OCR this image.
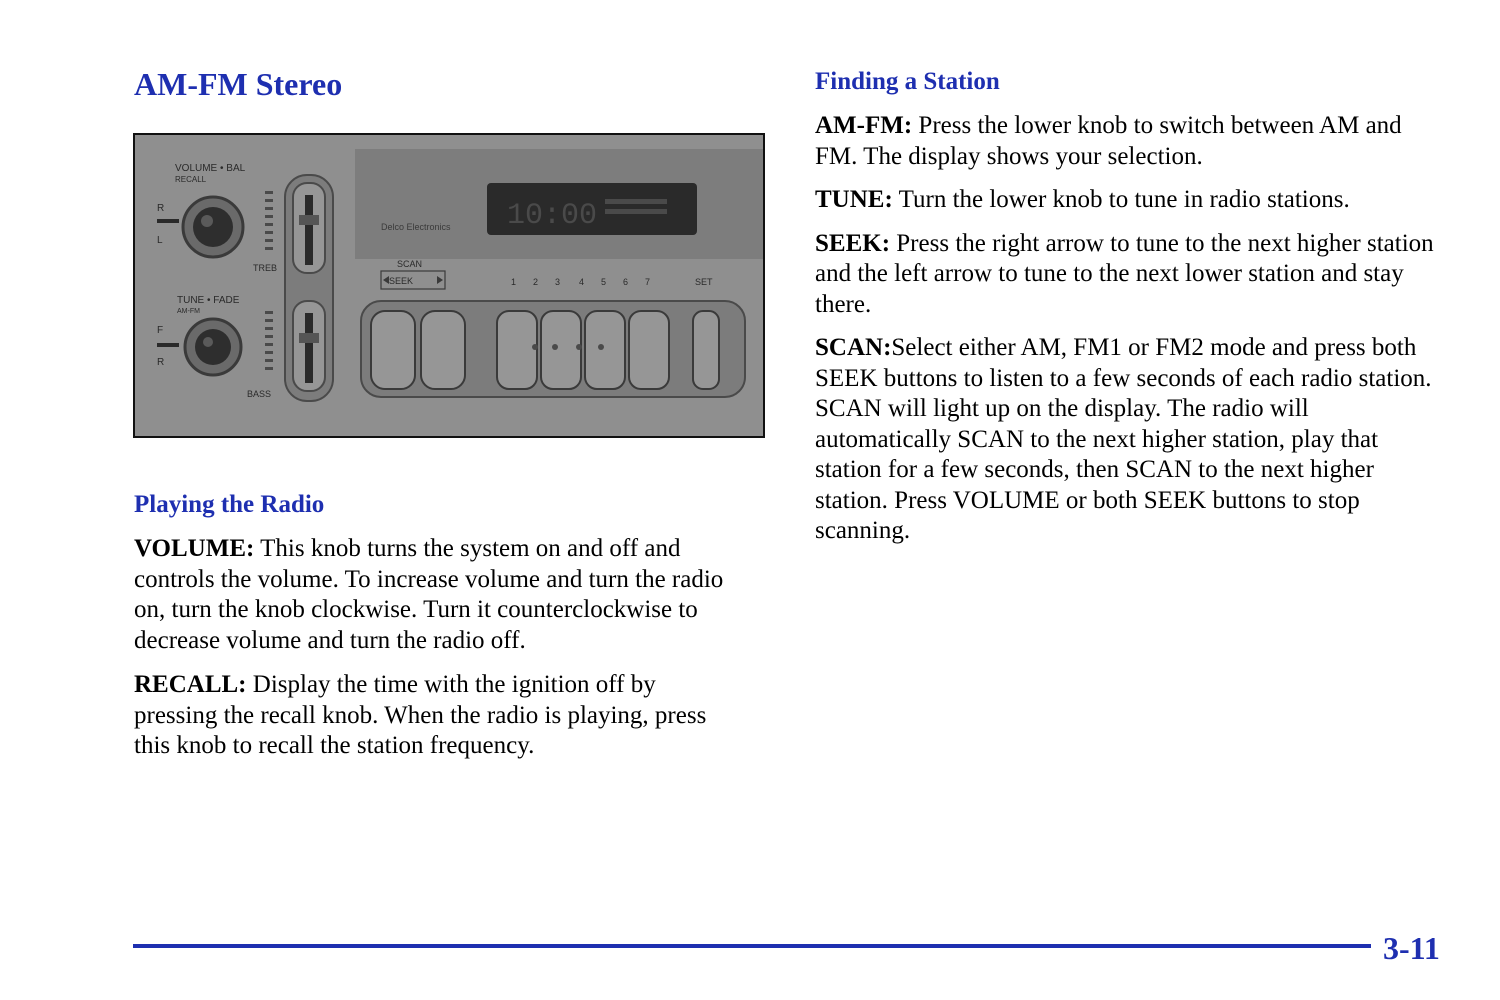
AM-FM Stereo
10:00
Delco Electronics
VOLUME • BAL
RECALL
R
L
TUNE • FADE
AM-FM
F
R
TREB
BASS
SCAN
SEEK	1 2 3 4 5 6 7	SET
Playing the Radio

VOLUME: This knob turns the system on and off and controls the volume. To increase volume and turn the radio on, turn the knob clockwise. Turn it counterclockwise to decrease volume and turn the radio off.

RECALL: Display the time with the ignition off by pressing the recall knob. When the radio is playing, press this knob to recall the station frequency.

Finding a Station

AM-FM: Press the lower knob to switch between AM and FM. The display shows your selection.

TUNE: Turn the lower knob to tune in radio stations.

SEEK: Press the right arrow to tune to the next higher station and the left arrow to tune to the next lower station and stay there.

SCAN:Select either AM, FM1 or FM2 mode and press both SEEK buttons to listen to a few seconds of each radio station. SCAN will light up on the display. The radio will automatically SCAN to the next higher station, play that station for a few seconds, then SCAN to the next higher station. Press VOLUME or both SEEK buttons to stop scanning.

3-11
